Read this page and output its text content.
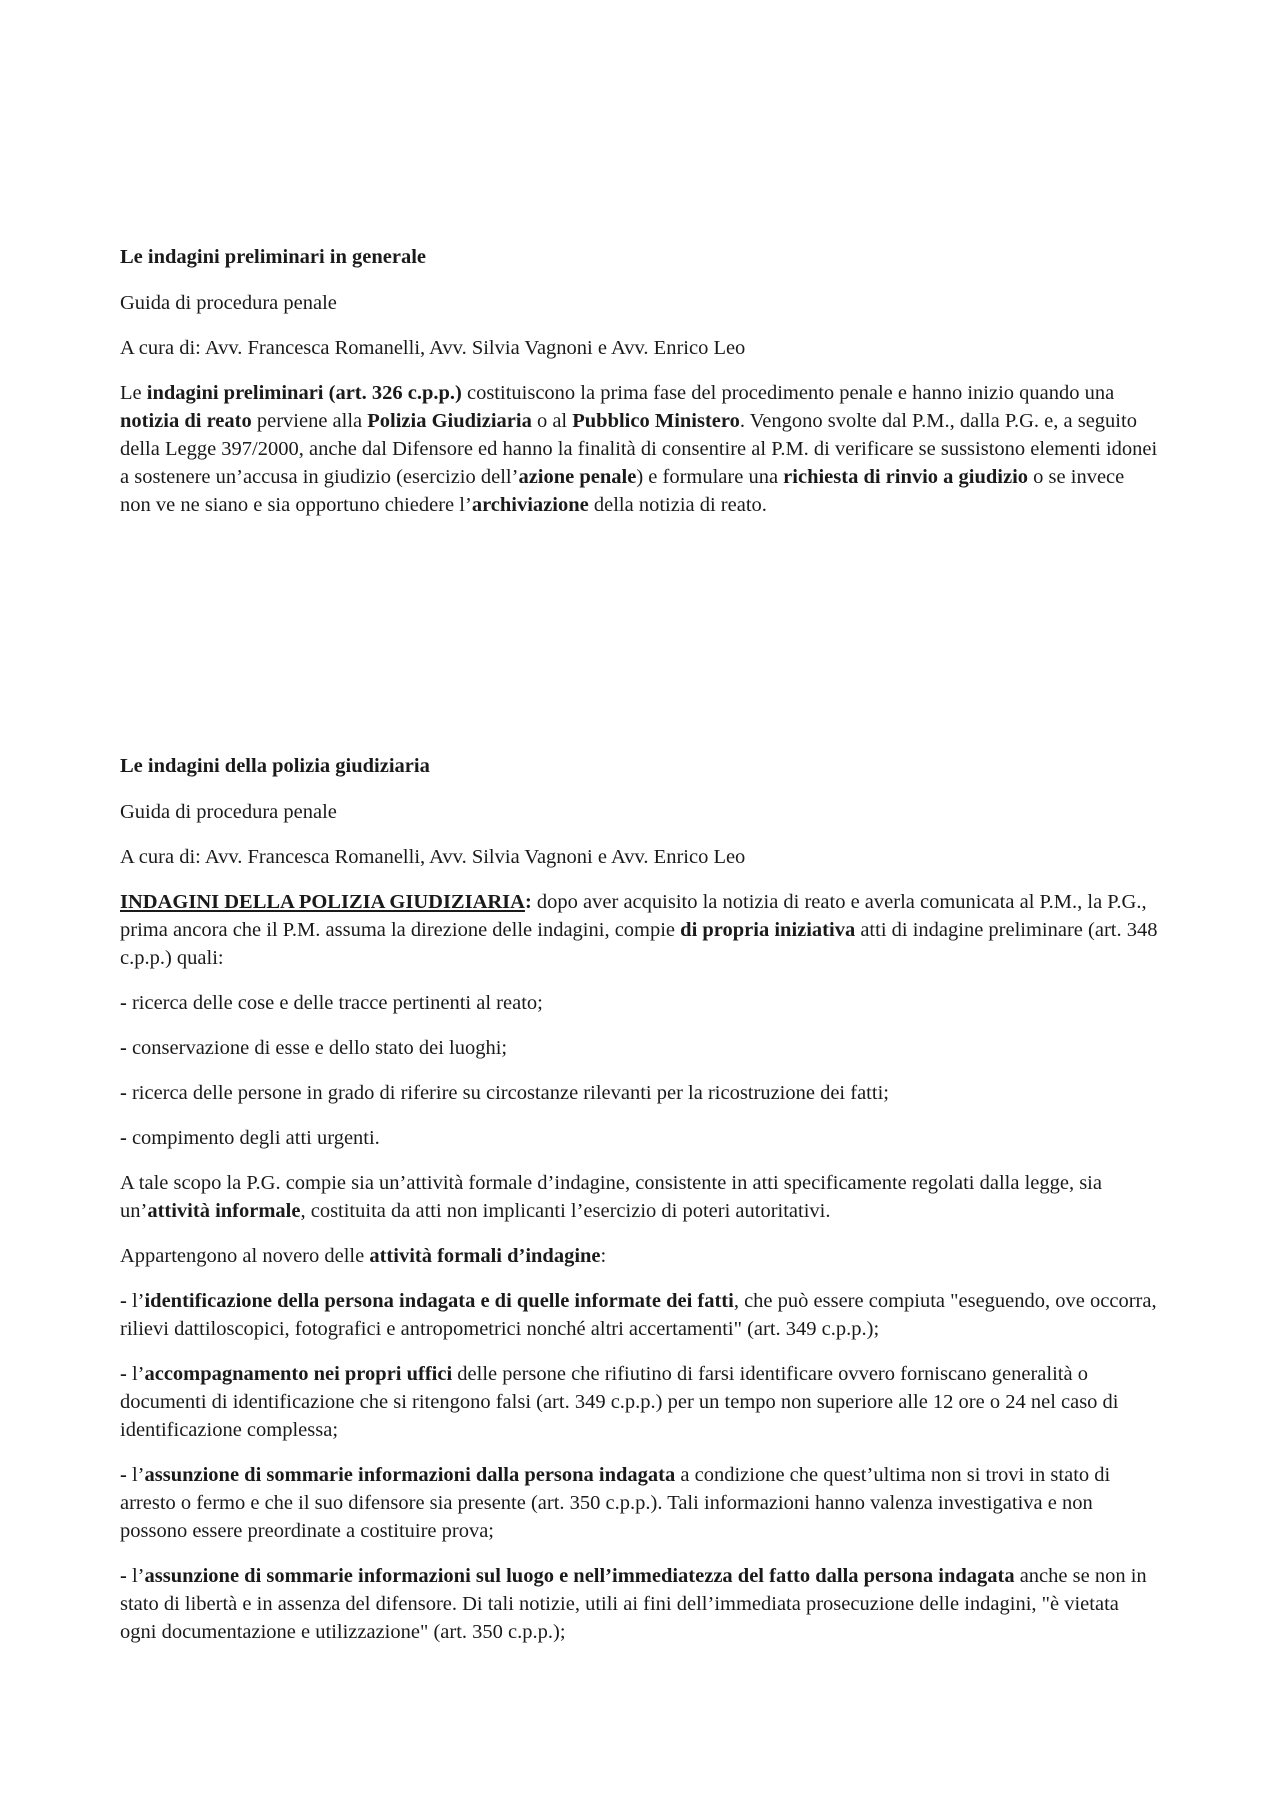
Le indagini preliminari in generale

Guida di procedura penale

A cura di: Avv. Francesca Romanelli, Avv. Silvia Vagnoni e Avv. Enrico Leo

Le indagini preliminari (art. 326 c.p.p.) costituiscono la prima fase del procedimento penale e hanno inizio quando una notizia di reato perviene alla Polizia Giudiziaria o al Pubblico Ministero. Vengono svolte dal P.M., dalla P.G. e, a seguito della Legge 397/2000, anche dal Difensore ed hanno la finalità di consentire al P.M. di verificare se sussistono elementi idonei a sostenere un’accusa in giudizio (esercizio dell’azione penale) e formulare una richiesta di rinvio a giudizio o se invece non ve ne siano e sia opportuno chiedere l’archiviazione della notizia di reato.

Le indagini della polizia giudiziaria

Guida di procedura penale

A cura di: Avv. Francesca Romanelli, Avv. Silvia Vagnoni e Avv. Enrico Leo

INDAGINI DELLA POLIZIA GIUDIZIARIA: dopo aver acquisito la notizia di reato e averla comunicata al P.M., la P.G., prima ancora che il P.M. assuma la direzione delle indagini, compie di propria iniziativa atti di indagine preliminare (art. 348 c.p.p.) quali:

- ricerca delle cose e delle tracce pertinenti al reato;

- conservazione di esse e dello stato dei luoghi;

- ricerca delle persone in grado di riferire su circostanze rilevanti per la ricostruzione dei fatti;

- compimento degli atti urgenti.

A tale scopo la P.G. compie sia un’attività formale d’indagine, consistente in atti specificamente regolati dalla legge, sia un’attività informale, costituita da atti non implicanti l’esercizio di poteri autoritativi.

Appartengono al novero delle attività formali d’indagine:

- l’identificazione della persona indagata e di quelle informate dei fatti, che può essere compiuta "eseguendo, ove occorra, rilievi dattiloscopici, fotografici e antropometrici nonché altri accertamenti" (art. 349 c.p.p.);

- l’accompagnamento nei propri uffici delle persone che rifiutino di farsi identificare ovvero forniscano generalità o documenti di identificazione che si ritengono falsi (art. 349 c.p.p.) per un tempo non superiore alle 12 ore o 24 nel caso di identificazione complessa;

- l’assunzione di sommarie informazioni dalla persona indagata a condizione che quest’ultima non si trovi in stato di arresto o fermo e che il suo difensore sia presente (art. 350 c.p.p.). Tali informazioni hanno valenza investigativa e non possono essere preordinate a costituire prova;

- l’assunzione di sommarie informazioni sul luogo e nell’immediatezza del fatto dalla persona indagata anche se non in stato di libertà e in assenza del difensore. Di tali notizie, utili ai fini dell’immediata prosecuzione delle indagini, "è vietata ogni documentazione e utilizzazione" (art. 350 c.p.p.);
